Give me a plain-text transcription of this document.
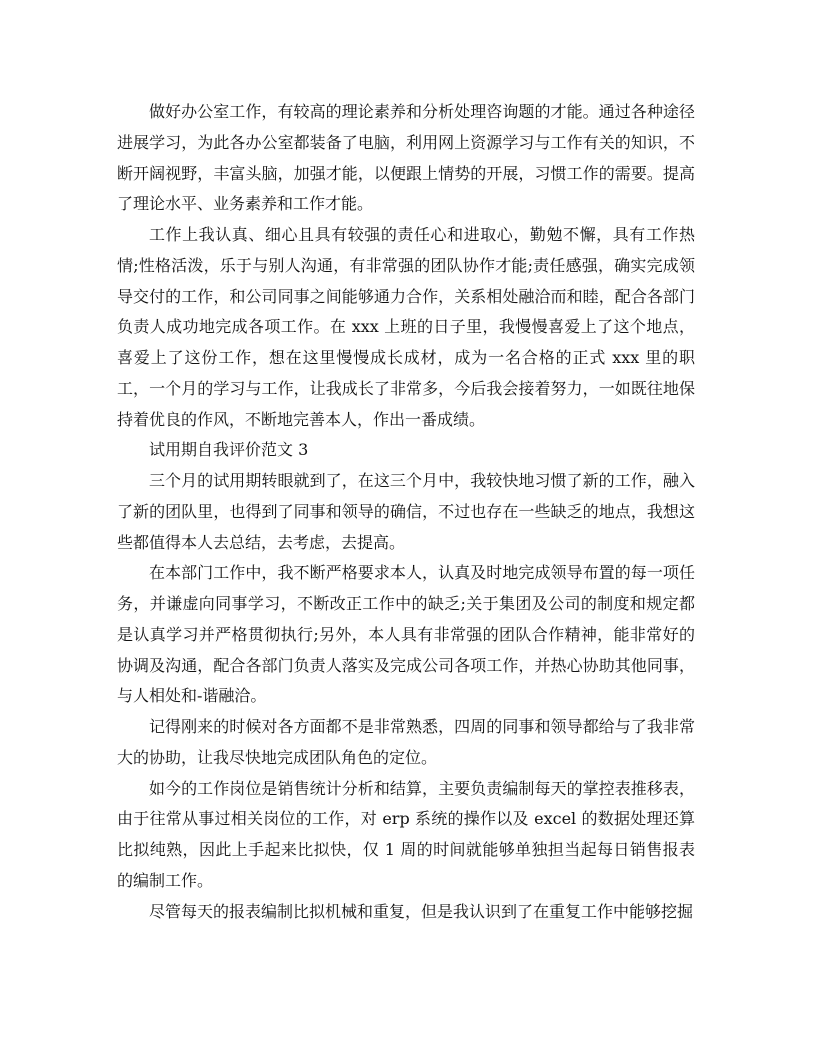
做好办公室工作，有较高的理论素养和分析处理咨询题的才能。通过各种途径进展学习，为此各办公室都装备了电脑，利用网上资源学习与工作有关的知识，不断开阔视野，丰富头脑，加强才能，以便跟上情势的开展，习惯工作的需要。提高了理论水平、业务素养和工作才能。

工作上我认真、细心且具有较强的责任心和进取心，勤勉不懈，具有工作热情;性格活泼，乐于与别人沟通，有非常强的团队协作才能;责任感强，确实完成领导交付的工作，和公司同事之间能够通力合作，关系相处融洽而和睦，配合各部门负责人成功地完成各项工作。在 xxx 上班的日子里，我慢慢喜爱上了这个地点，喜爱上了这份工作，想在这里慢慢成长成材，成为一名合格的正式 xxx 里的职工，一个月的学习与工作，让我成长了非常多，今后我会接着努力，一如既往地保持着优良的作风，不断地完善本人，作出一番成绩。

试用期自我评价范文 3

三个月的试用期转眼就到了，在这三个月中，我较快地习惯了新的工作，融入了新的团队里，也得到了同事和领导的确信，不过也存在一些缺乏的地点，我想这些都值得本人去总结，去考虑，去提高。

在本部门工作中，我不断严格要求本人，认真及时地完成领导布置的每一项任务，并谦虚向同事学习，不断改正工作中的缺乏;关于集团及公司的制度和规定都是认真学习并严格贯彻执行;另外，本人具有非常强的团队合作精神，能非常好的协调及沟通，配合各部门负责人落实及完成公司各项工作，并热心协助其他同事，与人相处和-谐融洽。

记得刚来的时候对各方面都不是非常熟悉，四周的同事和领导都给与了我非常大的协助，让我尽快地完成团队角色的定位。

如今的工作岗位是销售统计分析和结算，主要负责编制每天的掌控表推移表，由于往常从事过相关岗位的工作，对 erp 系统的操作以及 excel 的数据处理还算比拟纯熟，因此上手起来比拟快，仅 1 周的时间就能够单独担当起每日销售报表的编制工作。

尽管每天的报表编制比拟机械和重复，但是我认识到了在重复工作中能够挖掘
